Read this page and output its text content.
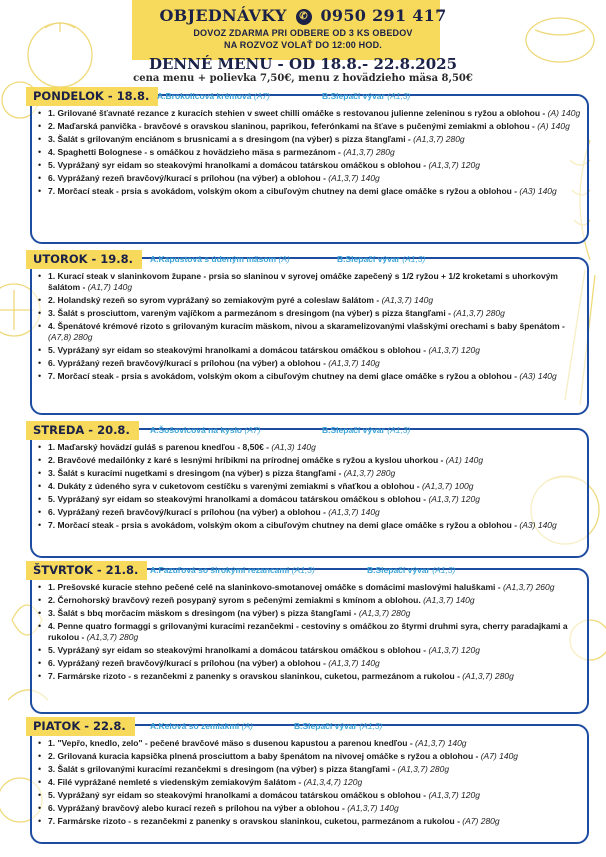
OBJEDNÁVKY ✆ 0950 291 417
DOVOZ ZDARMA PRI ODBERE OD 3 KS OBEDOV
NA ROZVOZ VOLAŤ DO 12:00 HOD.
DENNÉ MENU - OD 18.8.- 22.8.2025
cena menu + polievka 7,50€, menu z hovädzieho mäsa 8,50€
PONDELOK - 18.8. A.Brokolicová krémová (A7)	B.Slepačí vývar (A1,3)
• 1. Grilované šťavnaté rezance z kuracích stehien v sweet chilli omáčke s restovanou julienne zeleninou s ryžou a oblohou - (A) 140g
• 2. Maďarská panvička - bravčové s oravskou slaninou, paprikou, feferónkami na šťave s pučenými zemiakmi a oblohou - (A) 140g
• 3. Šalát s grilovaným enciánom s brusnicami a s dresingom (na výber) s pizza štangľami - (A1,3,7) 280g
• 4. Spaghetti Bolognese - s omáčkou z hovädzieho mäsa s parmezánom - (A1,3,7) 280g
• 5. Vyprážaný syr eidam so steakovými hranolkami a domácou tatárskou omáčkou s oblohou - (A1,3,7) 120g
• 6. Vyprážaný rezeň bravčový/kurací s prílohou (na výber) a oblohou - (A1,3,7) 140g
• 7. Morčací steak - prsia s avokádom, volským okom a cibuľovým chutney na demi glace omáčke s ryžou a oblohou - (A3) 140g
UTOROK - 19.8.	A.Kapustová s údeným mäsom (A)	B.Slepačí vývar (A1,3)
• 1. Kurací steak v slaninkovom župane - prsia so slaninou v syrovej omáčke zapečený s 1/2 ryžou + 1/2 kroketami s uhorkovým šalátom - (A1,7) 140g
• 2. Holandský rezeň so syrom vyprážaný so zemiakovým pyré a coleslaw šalátom - (A1,3,7) 140g
• 3. Šalát s prosciuttom, vareným vajíčkom a parmezánom s dresingom (na výber) s pizza štangľami - (A1,3,7) 280g
• 4. Špenátové krémové rizoto s grilovaným kuracím mäskom, nivou a skaramelizovanými vlašskými orechami s baby špenátom - (A7,8) 280g
• 5. Vyprážaný syr eidam so steakovými hranolkami a domácou tatárskou omáčkou s oblohou - (A1,3,7) 120g
• 6. Vyprážaný rezeň bravčový/kurací s prílohou (na výber) a oblohou - (A1,3,7) 140g
• 7. Morčací steak - prsia s avokádom, volským okom a cibuľovým chutney na demi glace omáčke s ryžou a oblohou - (A3) 140g
STREDA - 20.8.	A.Šošovicová na kyslo (A7)	B.Slepačí vývar (A1,3)
• 1. Maďarský hovädzí guláš s parenou knedľou - 8,50€ - (A1,3) 140g
• 2. Bravčové medailónky z karé s lesnými hríbikmi na prírodnej omáčke s ryžou a kyslou uhorkou - (A1) 140g
• 3. Šalát s kuracími nugetkami s dresingom (na výber) s pizza štangľami - (A1,3,7) 280g
• 4. Dukáty z údeného syra v cuketovom cestíčku s varenými zemiakmi s vňaťkou a oblohou - (A1,3,7) 100g
• 5. Vyprážaný syr eidam so steakovými hranolkami a domácou tatárskou omáčkou s oblohou - (A1,3,7) 120g
• 6. Vyprážaný rezeň bravčový/kurací s prílohou (na výber) a oblohou - (A1,3,7) 140g
• 7. Morčací steak - prsia s avokádom, volským okom a cibuľovým chutney na demi glace omáčke s ryžou a oblohou - (A3) 140g
ŠTVRTOK - 21.8.	A.Fazuľová so širokými rezancami (A1,3)	B.Slepačí vývar (A1,3)
• 1. Prešovské kuracie stehno pečené celé na slaninkovo-smotanovej omáčke s domácimi maslovými haluškami - (A1,3,7) 260g
• 2. Černohorský bravčový rezeň posypaný syrom s pečenými zemiakmi s kmínom a oblohou. (A1,3,7) 140g
• 3. Šalát s bbq morčacím mäskom s dresingom (na výber) s pizza štangľami - (A1,3,7) 280g
• 4. Penne quatro formaggi s grilovanými kuracími rezančekmi - cestoviny s omáčkou zo štyrmi druhmi syra, cherry paradajkami a rukolou - (A1,3,7) 280g
• 5. Vyprážaný syr eidam so steakovými hranolkami a domácou tatárskou omáčkou s oblohou - (A1,3,7) 120g
• 6. Vyprážaný rezeň bravčový/kurací s prílohou (na výber) a oblohou - (A1,3,7) 140g
• 7. Farmárske rizoto - s rezančekmi z panenky s oravskou slaninkou, cuketou, parmezánom a rukolou - (A1,3,7) 280g
PIATOK - 22.8.	A.Kelová so zemiakmi (A)	B.Slepačí vývar (A1,3)
• 1. "Vepřo, knedlo, zelo" - pečené bravčové mäso s dusenou kapustou a parenou knedľou - (A1,3,7) 140g
• 2. Grilovaná kuracia kapsička plnená prosciuttom a baby špenátom na nivovej omáčke s ryžou a oblohou - (A7) 140g
• 3. Šalát s grilovanými kuracími rezančekmi s dresingom (na výber) s pizza štangľami - (A1,3,7) 280g
• 4. Filé vyprážané nemleté s viedenským zemiakovým šalátom - (A1,3,4,7) 120g
• 5. Vyprážaný syr eidam so steakovými hranolkami a domácou tatárskou omáčkou s oblohou - (A1,3,7) 120g
• 6. Vyprážaný bravčový alebo kurací rezeň s prílohou na výber a oblohou - (A1,3,7) 140g
• 7. Farmárske rizoto - s rezančekmi z panenky s oravskou slaninkou, cuketou, parmezánom a rukolou - (A7) 280g
